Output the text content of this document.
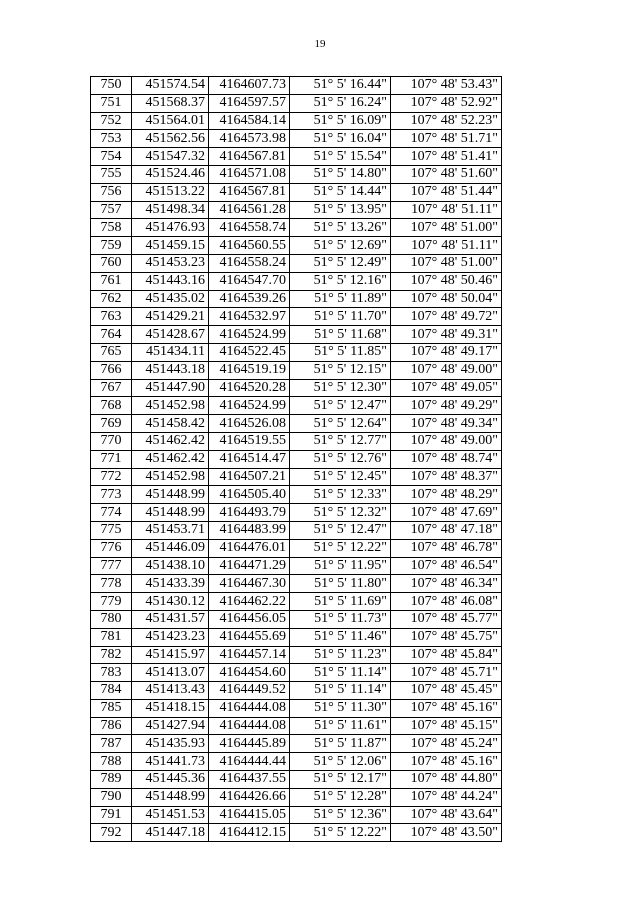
19
750	451574.54	4164607.73	51° 5' 16.44"	107° 48' 53.43"
751	451568.37	4164597.57	51° 5' 16.24"	107° 48' 52.92"
752	451564.01	4164584.14	51° 5' 16.09"	107° 48' 52.23"
753	451562.56	4164573.98	51° 5' 16.04"	107° 48' 51.71"
754	451547.32	4164567.81	51° 5' 15.54"	107° 48' 51.41"
755	451524.46	4164571.08	51° 5' 14.80"	107° 48' 51.60"
756	451513.22	4164567.81	51° 5' 14.44"	107° 48' 51.44"
757	451498.34	4164561.28	51° 5' 13.95"	107° 48' 51.11"
758	451476.93	4164558.74	51° 5' 13.26"	107° 48' 51.00"
759	451459.15	4164560.55	51° 5' 12.69"	107° 48' 51.11"
760	451453.23	4164558.24	51° 5' 12.49"	107° 48' 51.00"
761	451443.16	4164547.70	51° 5' 12.16"	107° 48' 50.46"
762	451435.02	4164539.26	51° 5' 11.89"	107° 48' 50.04"
763	451429.21	4164532.97	51° 5' 11.70"	107° 48' 49.72"
764	451428.67	4164524.99	51° 5' 11.68"	107° 48' 49.31"
765	451434.11	4164522.45	51° 5' 11.85"	107° 48' 49.17"
766	451443.18	4164519.19	51° 5' 12.15"	107° 48' 49.00"
767	451447.90	4164520.28	51° 5' 12.30"	107° 48' 49.05"
768	451452.98	4164524.99	51° 5' 12.47"	107° 48' 49.29"
769	451458.42	4164526.08	51° 5' 12.64"	107° 48' 49.34"
770	451462.42	4164519.55	51° 5' 12.77"	107° 48' 49.00"
771	451462.42	4164514.47	51° 5' 12.76"	107° 48' 48.74"
772	451452.98	4164507.21	51° 5' 12.45"	107° 48' 48.37"
773	451448.99	4164505.40	51° 5' 12.33"	107° 48' 48.29"
774	451448.99	4164493.79	51° 5' 12.32"	107° 48' 47.69"
775	451453.71	4164483.99	51° 5' 12.47"	107° 48' 47.18"
776	451446.09	4164476.01	51° 5' 12.22"	107° 48' 46.78"
777	451438.10	4164471.29	51° 5' 11.95"	107° 48' 46.54"
778	451433.39	4164467.30	51° 5' 11.80"	107° 48' 46.34"
779	451430.12	4164462.22	51° 5' 11.69"	107° 48' 46.08"
780	451431.57	4164456.05	51° 5' 11.73"	107° 48' 45.77"
781	451423.23	4164455.69	51° 5' 11.46"	107° 48' 45.75"
782	451415.97	4164457.14	51° 5' 11.23"	107° 48' 45.84"
783	451413.07	4164454.60	51° 5' 11.14"	107° 48' 45.71"
784	451413.43	4164449.52	51° 5' 11.14"	107° 48' 45.45"
785	451418.15	4164444.08	51° 5' 11.30"	107° 48' 45.16"
786	451427.94	4164444.08	51° 5' 11.61"	107° 48' 45.15"
787	451435.93	4164445.89	51° 5' 11.87"	107° 48' 45.24"
788	451441.73	4164444.44	51° 5' 12.06"	107° 48' 45.16"
789	451445.36	4164437.55	51° 5' 12.17"	107° 48' 44.80"
790	451448.99	4164426.66	51° 5' 12.28"	107° 48' 44.24"
791	451451.53	4164415.05	51° 5' 12.36"	107° 48' 43.64"
792	451447.18	4164412.15	51° 5' 12.22"	107° 48' 43.50"
